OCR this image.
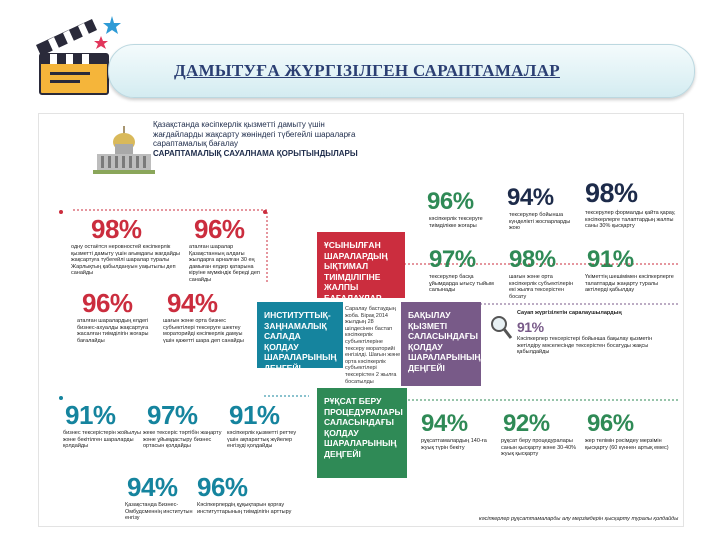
ДАМЫТУҒА ЖҮРГІЗІЛГЕН САРАПТАМАЛАР
Қазақстанда кәсіпкерлік қызметті дамыту үшін
жағдайларды жақсарту жөніндегі түбегейлі шараларға
сараптамалық бағалау
САРАПТАМАЛЫҚ САУАЛНАМА ҚОРЫТЫНДЫЛАРЫ
98%
одну остаётся неровностей кәсіпкерлік қызметті дамыту үшін ағымдағы жағдайды жақсартуға түбегейлі шаралар туралы Жарлықтың қабылдануын уақытылы деп санайды
96%
аталған шаралар Қазақстанның алдағы жылдарға арналған 30 ең дамыған елдер қатарына кіруіне мүмкіндік береді деп санайды
96%
аталған шаралардың елдегі бизнес-ахуалды жақсартуға жасалған тиімділігін жоғары бағалайды
94%
шағын және орта бизнес субъектілері тексеруге шектеу мораторийді кәсіпкерлік дамуы үшін қажетті шара деп санайды
ҰСЫНЫЛҒАН ШАРАЛАРДЫҢ ЫҚТИМАЛ ТИІМДІЛІГІНЕ ЖАЛПЫ БАҒАЛАУЛАР
ИНСТИТУТТЫҚ-ЗАҢНАМАЛЫҚ САЛАДА ҚОЛДАУ ШАРАЛАРЫНЫҢ ДЕҢГЕЙІ
БАҚЫЛАУ ҚЫЗМЕТІ САЛАСЫНДАҒЫ ҚОЛДАУ ШАРАЛАРЫНЫҢ ДЕҢГЕЙІ
РҰҚСАТ БЕРУ ПРОЦЕДУРАЛАРЫ САЛАСЫНДАҒЫ ҚОЛДАУ ШАРАЛАРЫНЫҢ ДЕҢГЕЙІ
Саралау бастаудың жоба. Бірақ 2014 жылдың 28 шілдесінен бастап кәсіпкерлік субъектілеріне тексеру мораторийі енгізілді. Шағын және орта кәсіпкерлік субъектілері тексерістен 2 жылға босатылды
96%
кәсіпкерлік тексеруге тиімділікке жоғары
94%
тексерулер бойынша күнделікті жоспарларды жою
98%
тексерулер формалды қайта қарау, кәсіпкерлерге талаптардың жалпы саны 30% қысқарту
97%
тексерулер басқа ұйымдарда ығысу тыйым салынады
98%
шағын және орта кәсіпкерлік субъектілерін екі жылға тексерістен босату
91%
Үкіметтің шешімімен кәсіпкерлерге талаптарды жаңарту туралы актілерді қабылдау
Сауап жүргізілетін саралаушылардың
91%
Кәсіпкерлер тексерістері бойынша бақылау қызметін жетілдіру мәселесінде тексерістен босатуды жақсы қабылдайды
91%
бизнес тексерістерін жойылуы және бекітілген шараларды қолдайды
97%
жеке тексеріс тәртібін жаңарту және ұйымдастыру бизнес ортасын қолдайды
91%
кәсіпкерлік қызметті реттеу үшін ақпараттық жүйелер енгізуді қолдайды
94%
Қазақстанда Бизнес-Омбудсменнің институтын енгізу
96%
Кәсіпкерлердің құқықтарын қорғау институттарының тиімділігін арттыру
94%
рұқсаттамалардың 140-ға жуық түрін бекіту
92%
рұқсат беру процедуралары санын қысқарту және 30-40% жуық қысқарту
96%
жер телімін рәсімдеу мерзімін қысқарту (60 күннен артық емес)
кәсіпкерлер рұқсаттамаларды алу мерзімдерін қысқарту туралы қолдайды
